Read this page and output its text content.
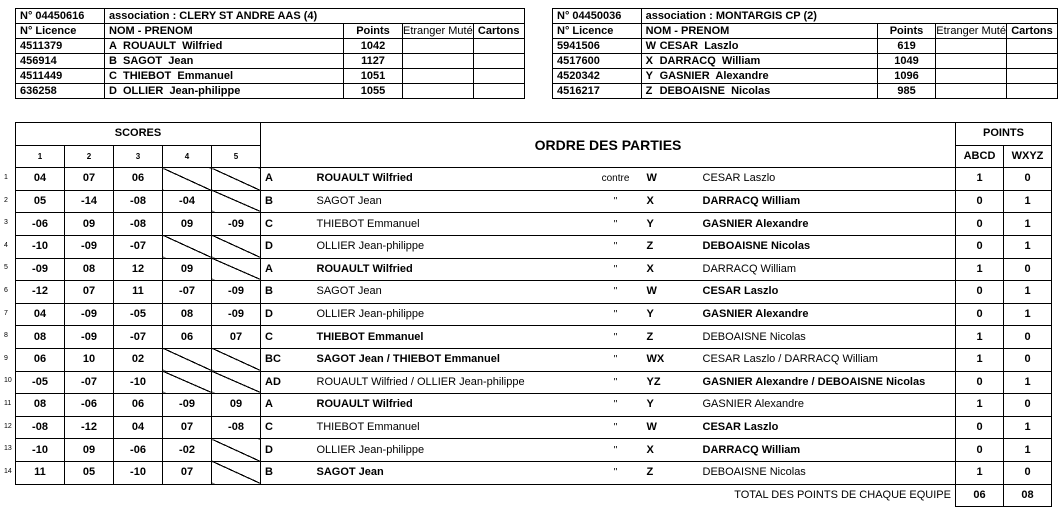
N° 04450616	association : CLERY ST ANDRE AAS (4)			
N° Licence	NOM - PRENOM	Points	Etranger Muté	Cartons
4511379	A ROUAULT  Wilfried	1042		
456914	B SAGOT  Jean	1127		
4511449	C THIEBOT  Emmanuel	1051		
636258	D OLLIER  Jean-philippe	1055		
N° 04450036	association : MONTARGIS CP (2)			
N° Licence	NOM - PRENOM	Points	Etranger Muté	Cartons
5941506	W CESAR  Laszlo	619		
4517600	X DARRACQ  William	1049		
4520342	Y GASNIER  Alexandre	1096		
4516217	Z DEBOAISNE  Nicolas	985		
SCORES					ORDRE DES PARTIES					POINTS	
1	2	3	4	5						ABCD	WXYZ
04	07	06			A	ROUAULT Wilfried	contre	W	CESAR Laszlo	1	0
05	-14	-08	-04		B	SAGOT Jean	"	X	DARRACQ William	0	1
-06	09	-08	09	-09	C	THIEBOT Emmanuel	"	Y	GASNIER Alexandre	0	1
-10	-09	-07			D	OLLIER Jean-philippe	"	Z	DEBOAISNE Nicolas	0	1
-09	08	12	09		A	ROUAULT Wilfried	"	X	DARRACQ William	1	0
-12	07	11	-07	-09	B	SAGOT Jean	"	W	CESAR Laszlo	0	1
04	-09	-05	08	-09	D	OLLIER Jean-philippe	"	Y	GASNIER Alexandre	0	1
08	-09	-07	06	07	C	THIEBOT Emmanuel	"	Z	DEBOAISNE Nicolas	1	0
06	10	02			BC	SAGOT Jean / THIEBOT Emmanuel	"	WX	CESAR Laszlo / DARRACQ William	1	0
-05	-07	-10			AD	ROUAULT Wilfried / OLLIER Jean-philippe	"	YZ	GASNIER Alexandre / DEBOAISNE Nicolas	0	1
08	-06	06	-09	09	A	ROUAULT Wilfried	"	Y	GASNIER Alexandre	1	0
-08	-12	04	07	-08	C	THIEBOT Emmanuel	"	W	CESAR Laszlo	0	1
-10	09	-06	-02		D	OLLIER Jean-philippe	"	X	DARRACQ William	0	1
11	05	-10	07		B	SAGOT Jean	"	Z	DEBOAISNE Nicolas	1	0
TOTAL DES POINTS DE CHAQUE EQUIPE										06	08
1
2
3
4
5
6
7
8
9
10
11
12
13
14
